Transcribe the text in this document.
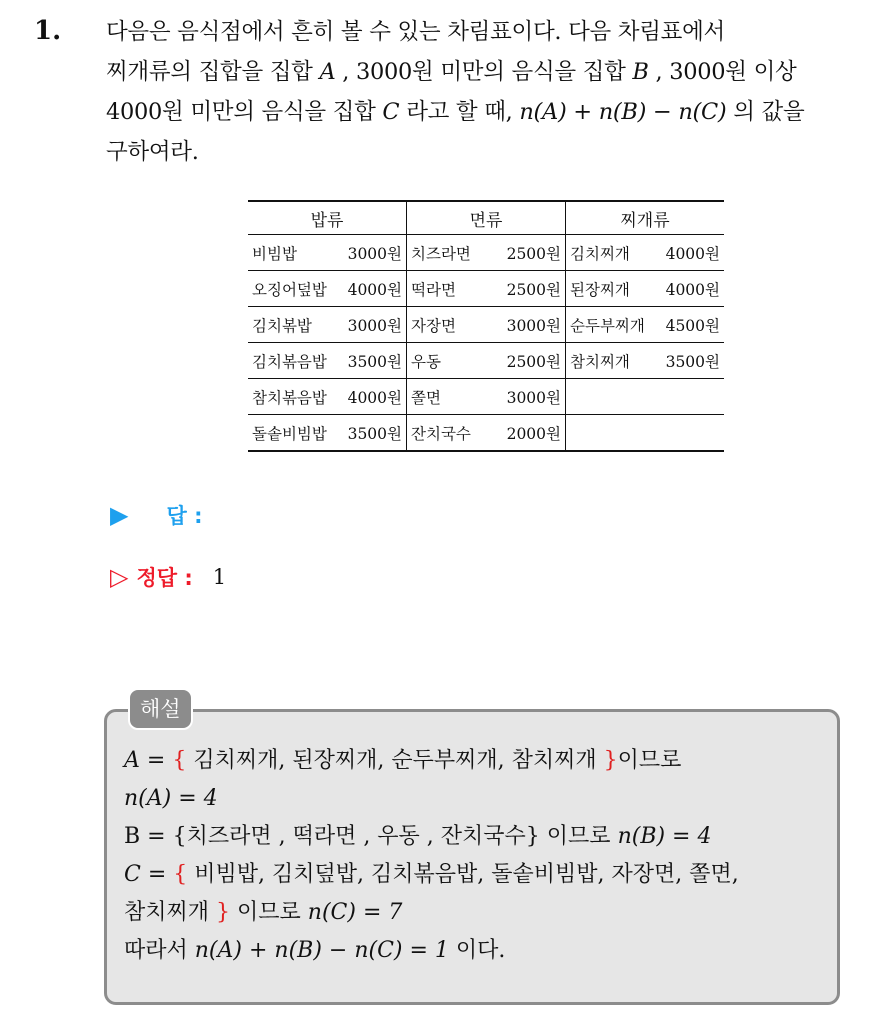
1. 다음은 음식점에서 흔히 볼 수 있는 차림표이다. 다음 차림표에서
찌개류의 집합을 집합 A , 3000원 미만의 음식을 집합 B , 3000원 이상
4000원 미만의 음식을 집합 C 라고 할 때, n(A) + n(B) − n(C) 의 값을
구하여라.
밥류	면류	찌개류

비빔밥 3000원	치즈라면 2500원	김치찌개 4000원

오징어덮밥 4000원	떡라면 2500원	된장찌개 4000원

김치볶밥 3000원	자장면 3000원	순두부찌개 4500원

김치볶음밥 3500원	우동 2500원	참치찌개 3500원

참치볶음밥 4000원	쫄면 3000원	

돌솥비빔밥 3500원	잔치국수 2000원	

▶ 답 :
▷ 정답 : 1
해설
A = { 김치찌개, 된장찌개, 순두부찌개, 참치찌개 }이므로
n(A) = 4
B = {치즈라면 , 떡라면 , 우동 , 잔치국수} 이므로 n(B) = 4
C = { 비빔밥, 김치덮밥, 김치볶음밥, 돌솥비빔밥, 자장면, 쫄면,
참치찌개 } 이므로 n(C) = 7
따라서 n(A) + n(B) − n(C) = 1 이다.
